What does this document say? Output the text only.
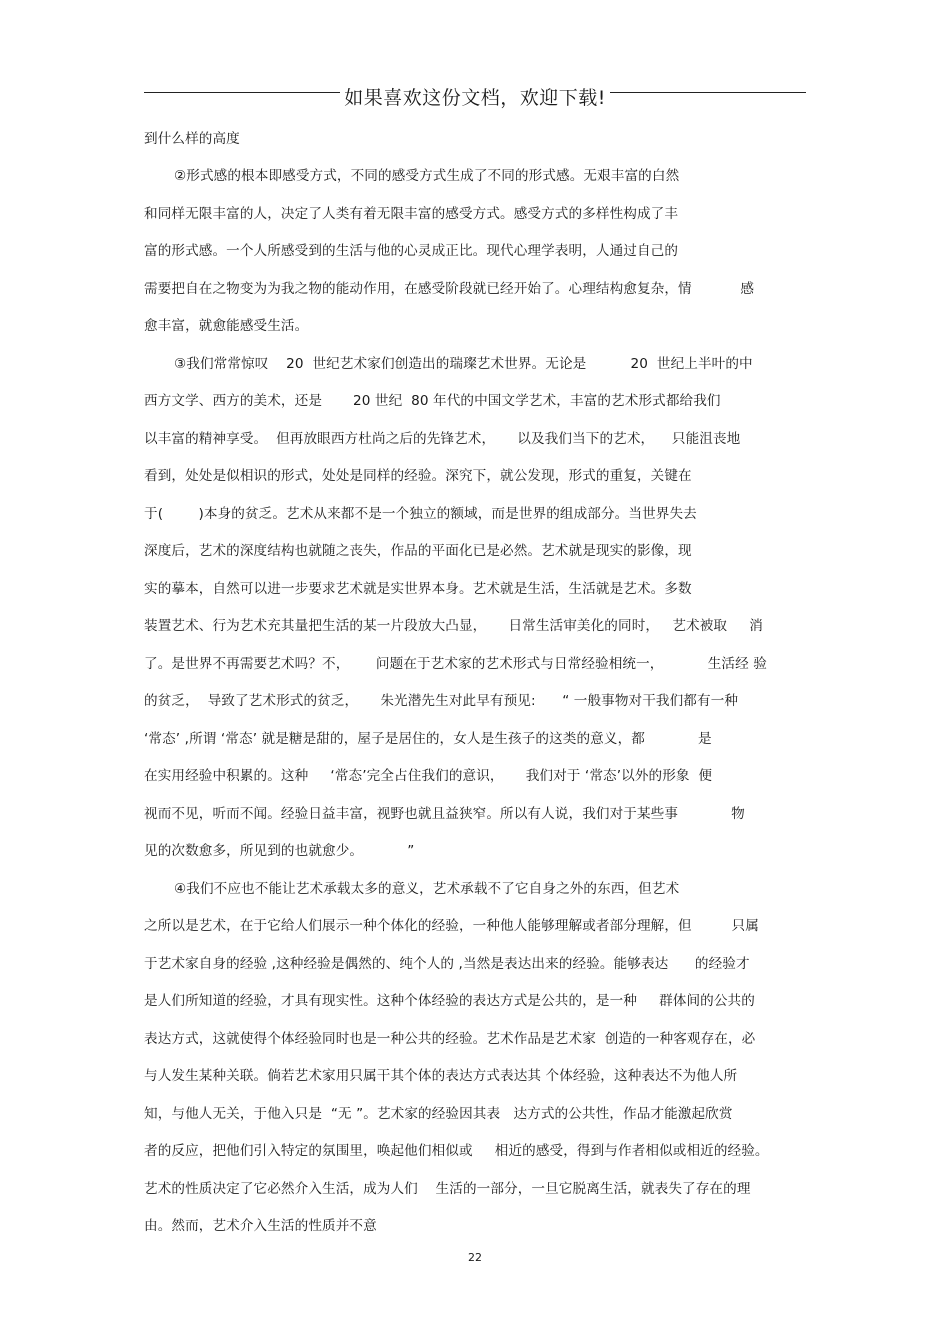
如果喜欢这份文档，欢迎下载!
到什么样的高度
②形式感的根本即感受方式，不同的感受方式生成了不同的形式感。无艰丰富的白然
和同样无限丰富的人，决定了人类有着无限丰富的感受方式。感受方式的多样性构成了丰
富的形式感。一个人所感受到的生活与他的心灵成正比。现代心理学表明，人通过自己的
需要把自在之物变为为我之物的能动作用，在感受阶段就已经开始了。心理结构愈复杂，情           感
愈丰富，就愈能感受生活。
③我们常常惊叹    20  世纪艺术家们创造出的瑞璨艺术世界。无论是          20  世纪上半叶的中
西方文学、西方的美术，还是       20 世纪  80 年代的中国文学艺术，丰富的艺术形式都给我们
以丰富的精神享受。  但再放眼西方杜尚之后的先锋艺术，     以及我们当下的艺术，    只能沮丧地
看到，处处是似相识的形式，处处是同样的经验。深究下，就公发现，形式的重复，关键在
于(        )本身的贫乏。艺术从来都不是一个独立的额域，而是世界的组成部分。当世界失去
深度后，艺术的深度结构也就随之丧失，作品的平面化已是必然。艺术就是现实的影像，现
实的摹本，自然可以进一步要求艺术就是实世界本身。艺术就是生活，生活就是艺术。多数
装置艺术、行为艺术充其量把生活的某一片段放大凸显，     日常生活审美化的同时，   艺术被取     消
了。是世界不再需要艺术吗？不，      问题在于艺术家的艺术形式与日常经验相统一，          生活经 验
的贫乏，  导致了艺术形式的贫乏，     朱光潜先生对此早有预见:      “ 一般事物对干我们都有一种
‘常态’ ,所谓 ‘常态’ 就是糖是甜的，屋子是居住的，女人是生孩子的这类的意义，都            是
在实用经验中积累的。这种     ‘常态’完全占住我们的意识，     我们对于 ‘常态’以外的形象  便
视而不见，听而不闻。经验日益丰富，视野也就且益狭窄。所以有人说，我们对于某些事            物
见的次数愈多，所见到的也就愈少。          ”
④我们不应也不能让艺术承载太多的意义，艺术承载不了它自身之外的东西，但艺术
之所以是艺术，在于它给人们展示一种个体化的经验，一种他人能够理解或者部分理解，但         只属
于艺术家自身的经验 ,这种经验是偶然的、纯个人的 ,当然是表达出来的经验。能够表达      的经验才
是人们所知道的经验，才具有现实性。这种个体经验的表达方式是公共的，是一种     群体间的公共的
表达方式，这就使得个体经验同时也是一种公共的经验。艺术作品是艺术家  创造的一种客观存在，必
与人发生某种关联。倘若艺术家用只属干其个体的表达方式表达其 个体经验，这种表达不为他人所
知，与他人无关，于他入只是  “无 ”。艺术家的经验因其表   达方式的公共性，作品才能激起欣赏
者的反应，把他们引入特定的氛围里，唤起他们相似或     相近的感受，得到与作者相似或相近的经验。
艺术的性质决定了它必然介入生活，成为人们    生活的一部分，一旦它脱离生活，就表失了存在的理
由。然而，艺术介入生活的性质并不意
22
